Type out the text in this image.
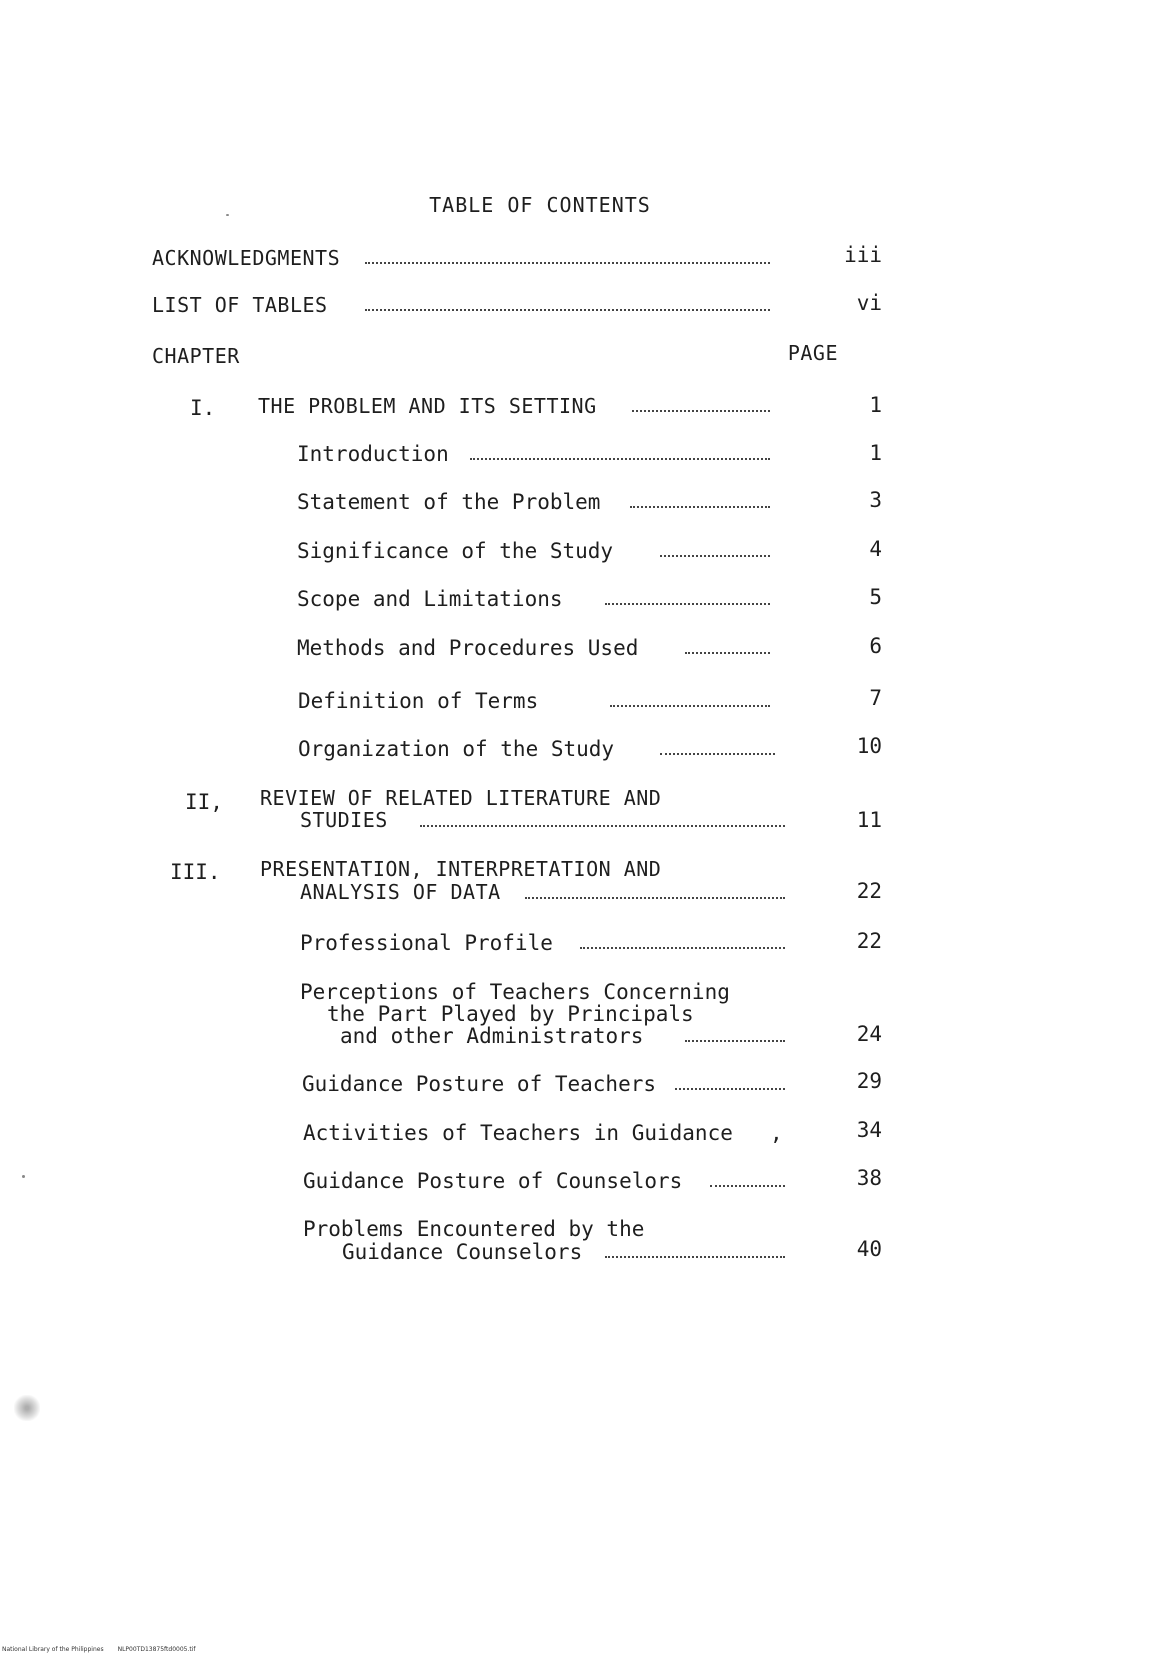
TABLE OF CONTENTS
ACKNOWLEDGMENTS	iii
LIST OF TABLES	vi
CHAPTER	PAGE
I. THE PROBLEM AND ITS SETTING	1
Introduction	1
Statement of the Problem	3
Significance of the Study	4
Scope and Limitations	5
Methods and Procedures Used	6
Definition of Terms	7
Organization of the Study	10
II, REVIEW OF RELATED LITERATURE AND
STUDIES	11
III. PRESENTATION, INTERPRETATION AND
ANALYSIS OF DATA	22
Professional Profile	22
Perceptions of Teachers Concerning
the Part Played by Principals
and other Administrators	24
Guidance Posture of Teachers	29
Activities of Teachers in Guidance ,	34
Guidance Posture of Counselors	38
Problems Encountered by the
Guidance Counselors	40
National Library of the Philippines NLP00TD13875ftd0005.tif
